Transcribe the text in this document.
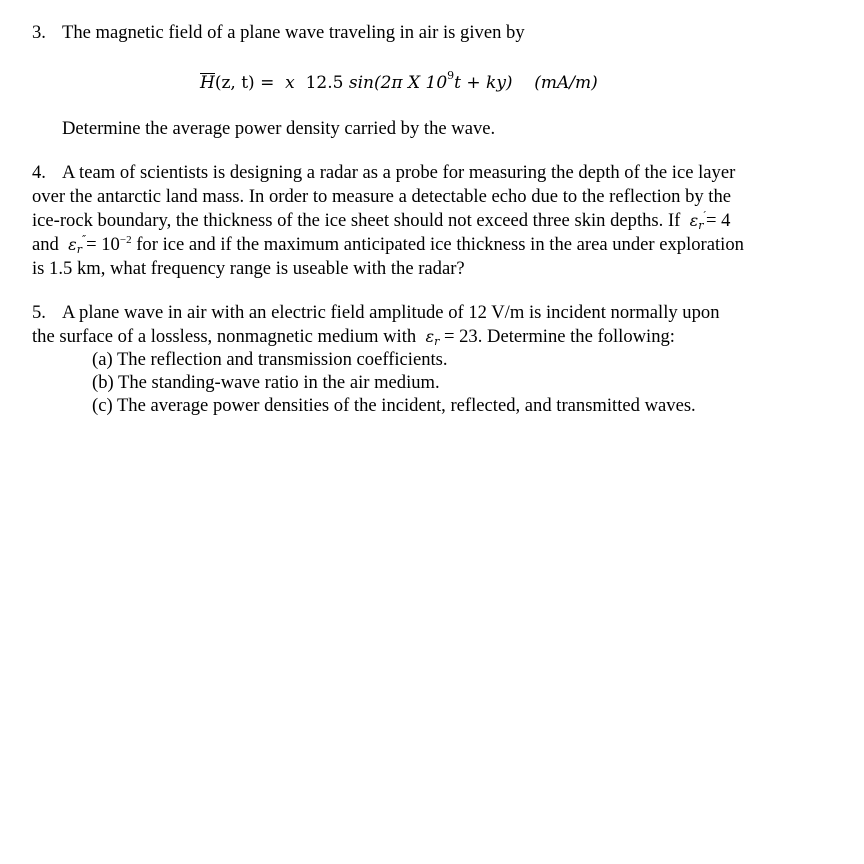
3. The magnetic field of a plane wave traveling in air is given by
H(z, t) = x 12.5 sin(2π X 109t + ky) (mA/m)
Determine the average power density carried by the wave.
4. A team of scientists is designing a radar as a probe for measuring the depth of the ice layer
over the antarctic land mass. In order to measure a detectable echo due to the reflection by the
ice-rock boundary, the thickness of the ice sheet should not exceed three skin depths. If εr′= 4
and εr″= 10−2 for ice and if the maximum anticipated ice thickness in the area under exploration
is 1.5 km, what frequency range is useable with the radar?
5. A plane wave in air with an electric field amplitude of 12 V/m is incident normally upon
the surface of a lossless, nonmagnetic medium with εr = 23. Determine the following:
(a) The reflection and transmission coefficients.
(b) The standing-wave ratio in the air medium.
(c) The average power densities of the incident, reflected, and transmitted waves.
